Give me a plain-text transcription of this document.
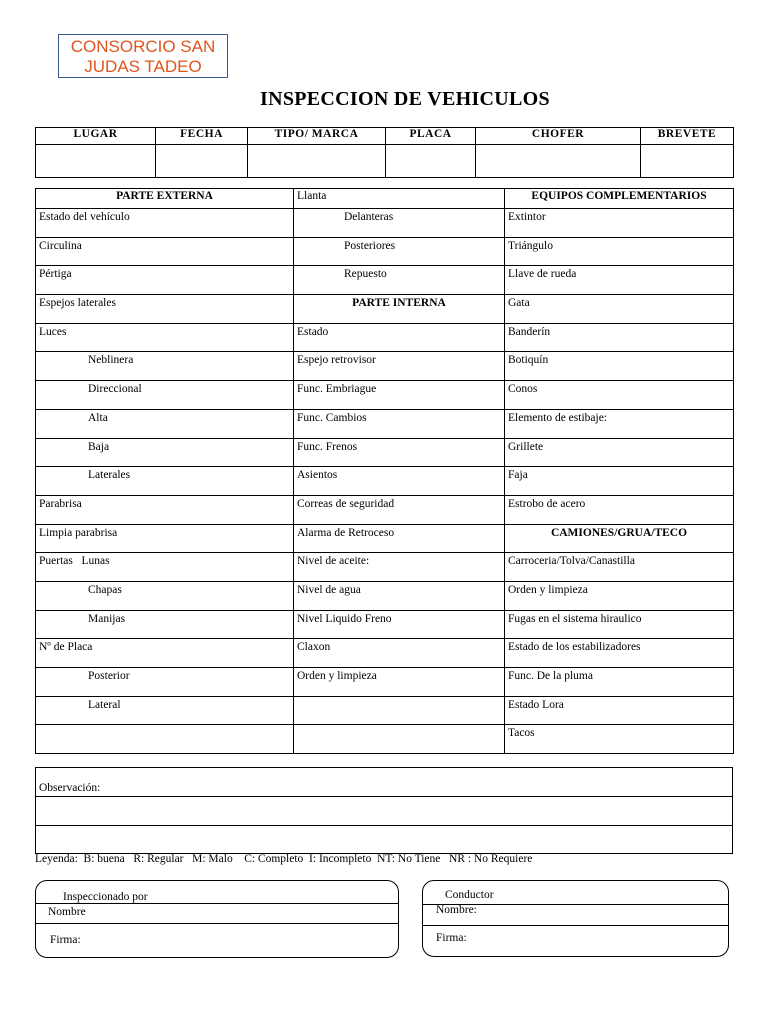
CONSORCIO SAN
JUDAS TADEO
INSPECCION DE VEHICULOS
LUGAR	FECHA	TIPO/ MARCA	PLACA	CHOFER	BREVETE

PARTE EXTERNA	Llanta	EQUIPOS COMPLEMENTARIOS
Estado del vehículo	Delanteras	Extintor
Circulina	Posteriores	Triángulo
Pértiga	Repuesto	Llave de rueda
Espejos laterales	PARTE INTERNA	Gata
Luces	Estado	Banderín
Neblinera	Espejo retrovisor	Botiquín
Direccional	Func. Embriague	Conos
Alta	Func. Cambios	Elemento de estibaje:
Baja	Func. Frenos	Grillete
Laterales	Asientos	Faja
Parabrisa	Correas de seguridad	Estrobo de acero
Limpia parabrisa	Alarma de Retroceso	CAMIONES/GRUA/TECO
Puertas   Lunas	Nivel de aceite:	Carroceria/Tolva/Canastilla
Chapas	Nivel de agua	Orden y limpieza
Manijas	Nivel Liquido Freno	Fugas en el sistema hiraulico
Nº de Placa	Claxon	Estado de los estabilizadores
Posterior	Orden y limpieza	Func. De la pluma
Lateral		Estado Lora
		Tacos
Observación:

Leyenda:  B: buena   R: Regular   M: Malo    C: Completo  I: Incompleto  NT: No Tiene   NR : No Requiere
Inspeccionado por
Nombre
Firma:
Conductor
Nombre:
Firma:
